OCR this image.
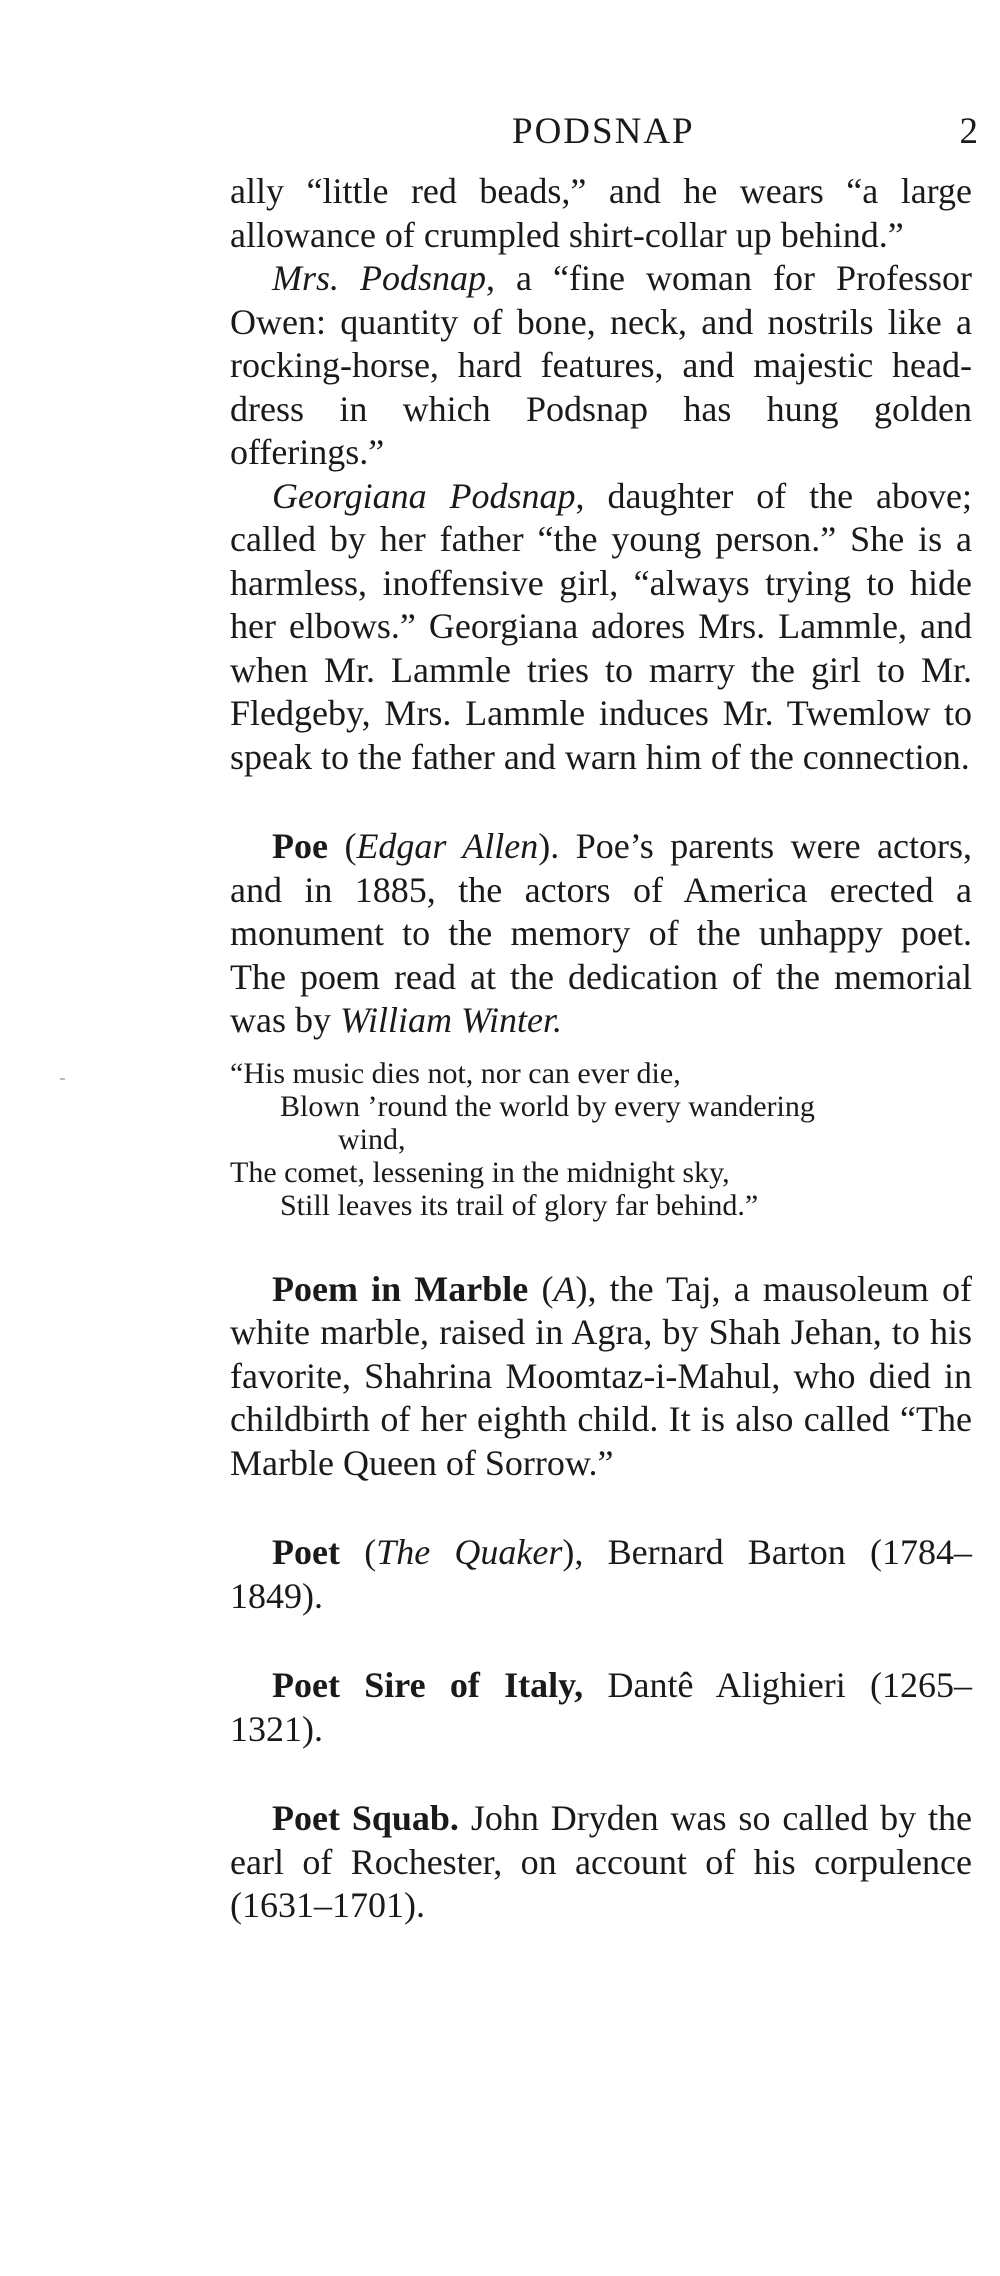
PODSNAP	2

ally “little red beads,” and he wears “a large allowance of crumpled shirt-collar up behind.”

Mrs. Podsnap, a “fine woman for Professor Owen: quantity of bone, neck, and nostrils like a rocking-horse, hard features, and majestic head-dress in which Podsnap has hung golden offerings.”

Georgiana Podsnap, daughter of the above; called by her father “the young person.” She is a harmless, inoffensive girl, “always trying to hide her elbows.” Georgiana adores Mrs. Lammle, and when Mr. Lammle tries to marry the girl to Mr. Fledgeby, Mrs. Lammle induces Mr. Twemlow to speak to the father and warn him of the connection.

Poe (Edgar Allen). Poe’s parents were actors, and in 1885, the actors of America erected a monument to the memory of the unhappy poet. The poem read at the dedication of the memorial was by William Winter.

“His music dies not, nor can ever die,
Blown ’round the world by every wandering
wind,
The comet, lessening in the midnight sky,
Still leaves its trail of glory far behind.”

Poem in Marble (A), the Taj, a mausoleum of white marble, raised in Agra, by Shah Jehan, to his favorite, Shahrina Moomtaz-i-Mahul, who died in childbirth of her eighth child. It is also called “The Marble Queen of Sorrow.”

Poet (The Quaker), Bernard Barton (1784–1849).

Poet Sire of Italy, Dantê Alighieri (1265–1321).

Poet Squab. John Dryden was so called by the earl of Rochester, on account of his corpulence (1631–1701).
